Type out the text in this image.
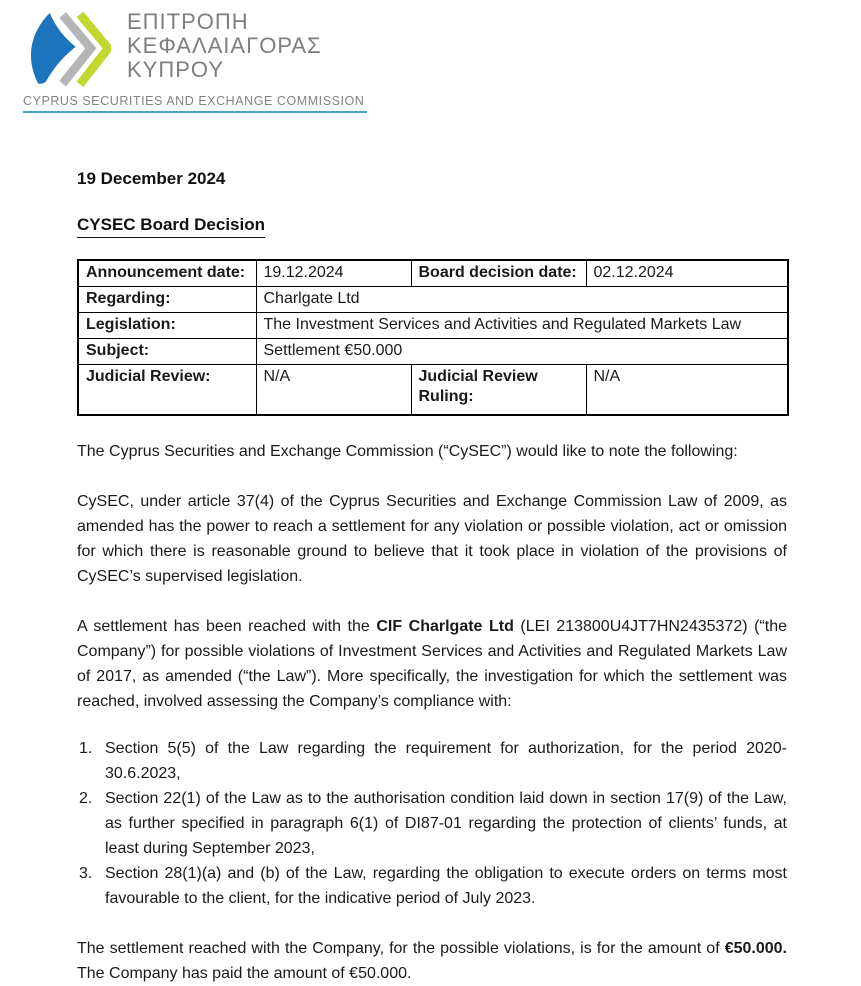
ΕΠΙΤΡΟΠΗ
ΚΕΦΑΛΑΙΑΓΟΡΑΣ
ΚΥΠΡΟΥ
CYPRUS SECURITIES AND EXCHANGE COMMISSION
19 December 2024
CYSEC Board Decision
Announcement date:	19.12.2024	Board decision date:	02.12.2024
Regarding:	Charlgate Ltd		
Legislation:	The Investment Services and Activities and Regulated Markets Law		
Subject:	Settlement €50.000		
Judicial Review:	N/A	Judicial Review Ruling:	N/A

The Cyprus Securities and Exchange Commission (“CySEC”) would like to note the following:

CySEC, under article 37(4) of the Cyprus Securities and Exchange Commission Law of 2009, as amended has the power to reach a settlement for any violation or possible violation, act or omission for which there is reasonable ground to believe that it took place in violation of the provisions of CySEC’s supervised legislation.

A settlement has been reached with the CIF Charlgate Ltd (LEI 213800U4JT7HN2435372) (“the Company”) for possible violations of Investment Services and Activities and Regulated Markets Law of 2017, as amended (“the Law”). More specifically, the investigation for which the settlement was reached, involved assessing the Company’s compliance with:

1. Section 5(5) of the Law regarding the requirement for authorization, for the period 2020-30.6.2023,
2. Section 22(1) of the Law as to the authorisation condition laid down in section 17(9) of the Law, as further specified in paragraph 6(1) of DI87-01 regarding the protection of clients’ funds, at least during September 2023,
3. Section 28(1)(a) and (b) of the Law, regarding the obligation to execute orders on terms most favourable to the client, for the indicative period of July 2023.

The settlement reached with the Company, for the possible violations, is for the amount of €50.000. The Company has paid the amount of €50.000.
